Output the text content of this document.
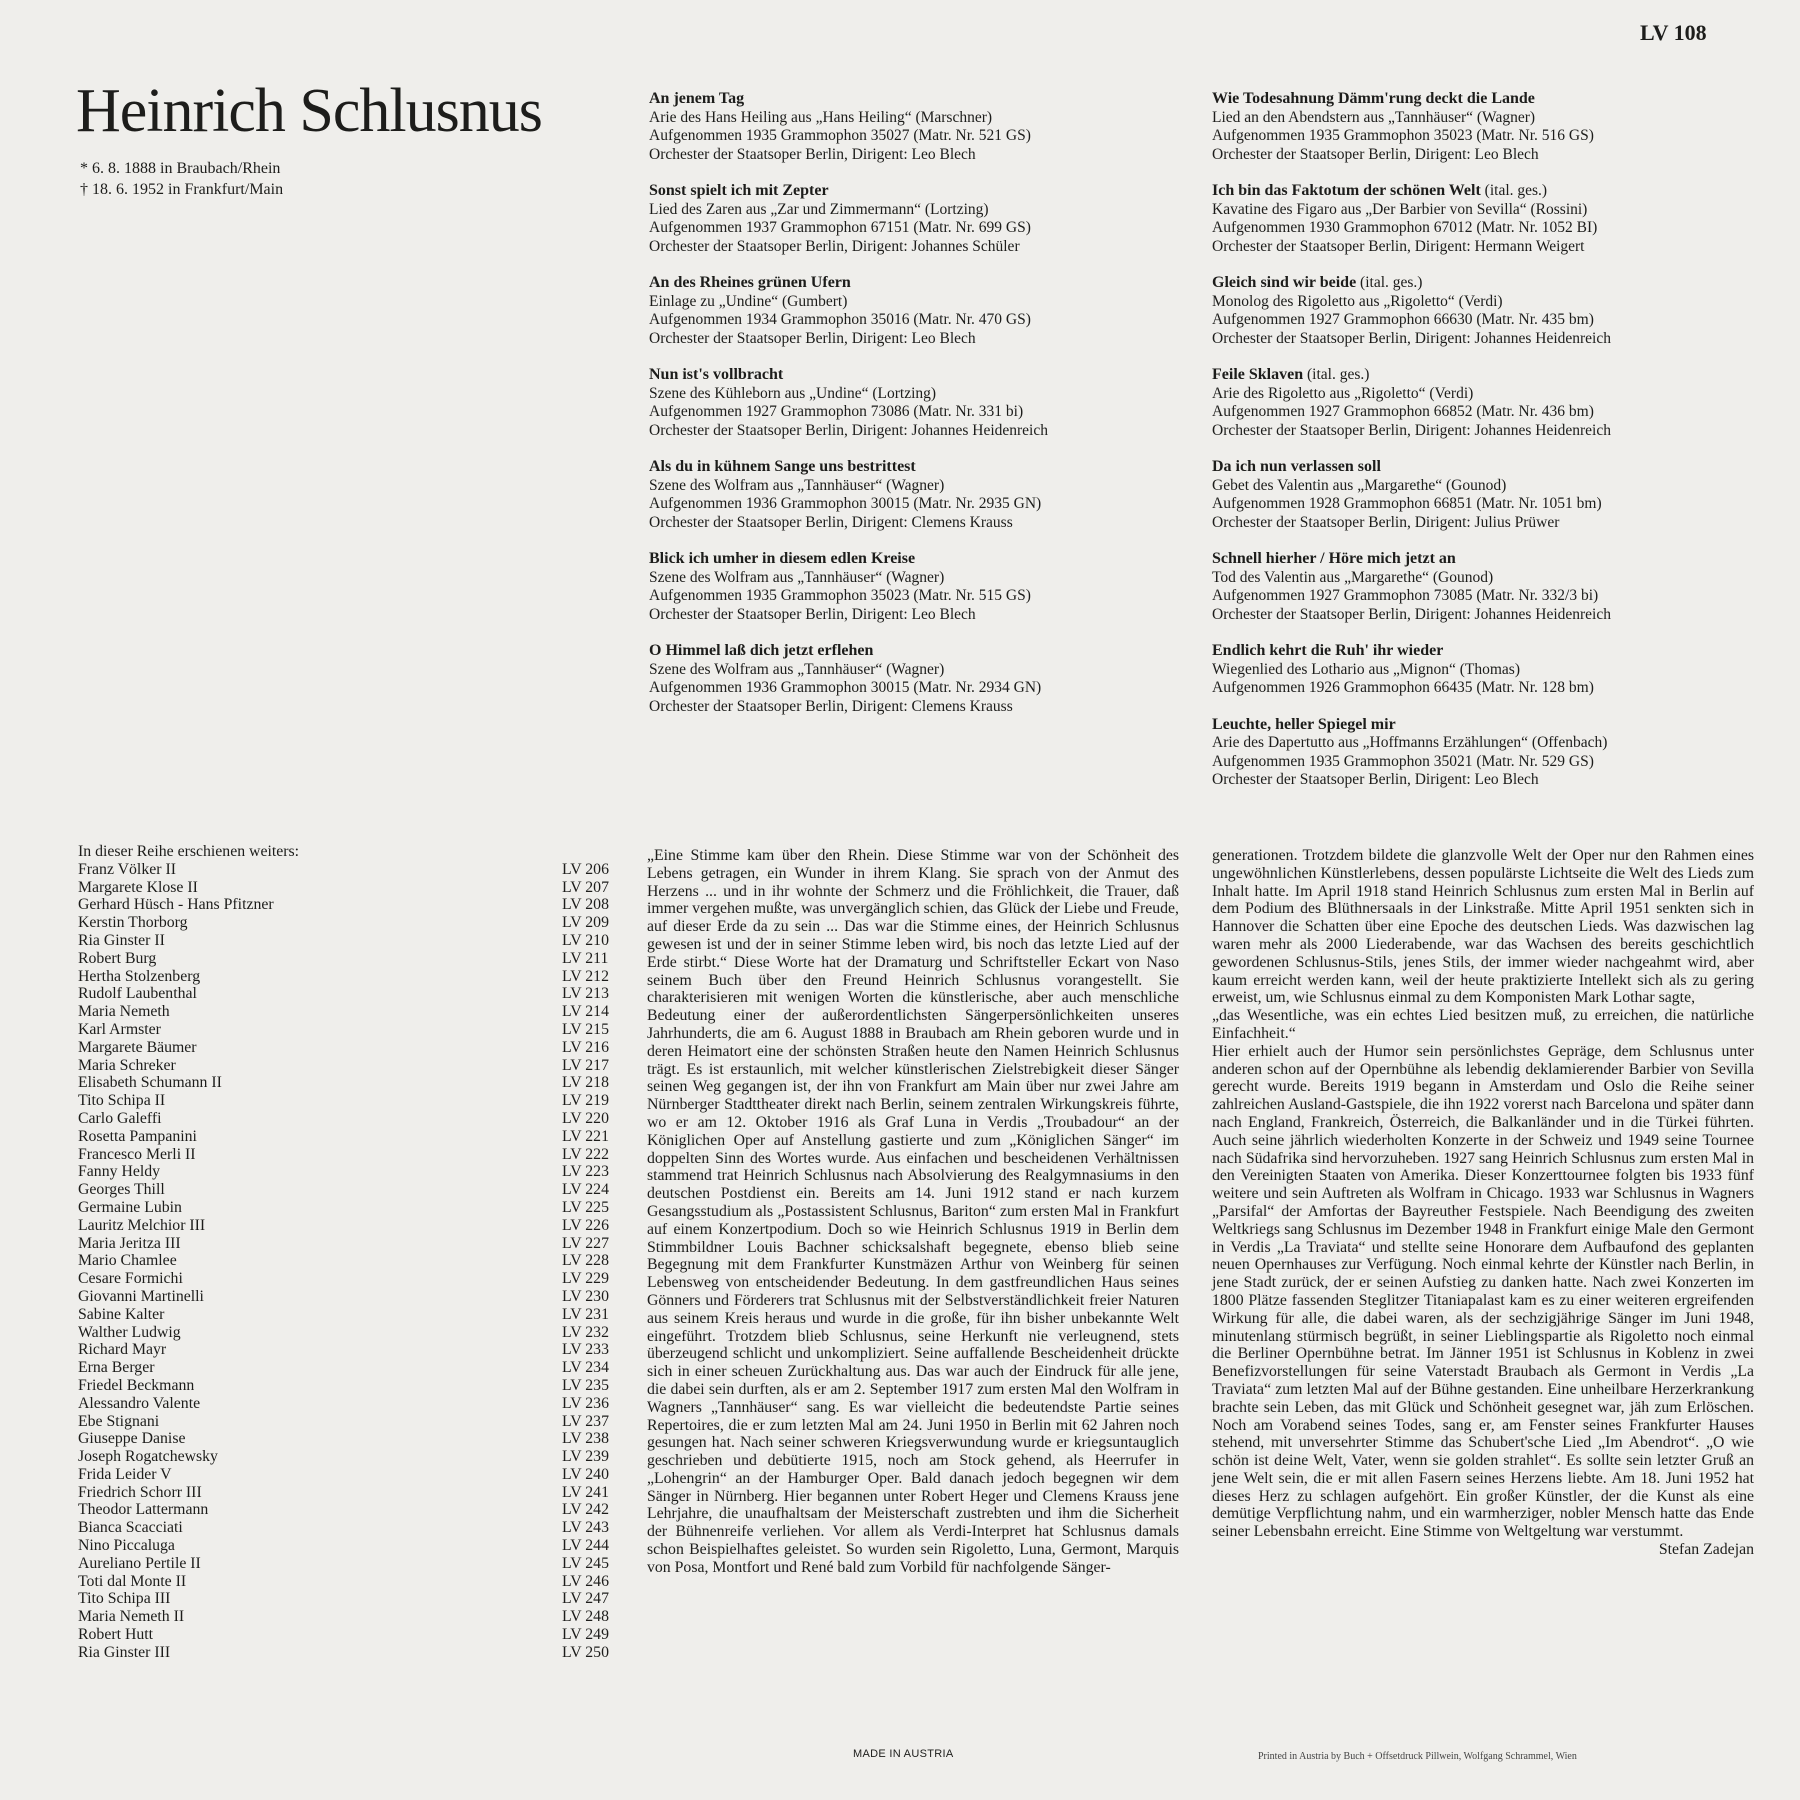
LV 108
Heinrich Schlusnus
* 6. 8. 1888 in Braubach/Rhein
† 18. 6. 1952 in Frankfurt/Main
An jenem Tag
Arie des Hans Heiling aus „Hans Heiling“ (Marschner)
Aufgenommen 1935 Grammophon 35027 (Matr. Nr. 521 GS)
Orchester der Staatsoper Berlin, Dirigent: Leo Blech
Sonst spielt ich mit Zepter
Lied des Zaren aus „Zar und Zimmermann“ (Lortzing)
Aufgenommen 1937 Grammophon 67151 (Matr. Nr. 699 GS)
Orchester der Staatsoper Berlin, Dirigent: Johannes Schüler
An des Rheines grünen Ufern
Einlage zu „Undine“ (Gumbert)
Aufgenommen 1934 Grammophon 35016 (Matr. Nr. 470 GS)
Orchester der Staatsoper Berlin, Dirigent: Leo Blech
Nun ist's vollbracht
Szene des Kühleborn aus „Undine“ (Lortzing)
Aufgenommen 1927 Grammophon 73086 (Matr. Nr. 331 bi)
Orchester der Staatsoper Berlin, Dirigent: Johannes Heidenreich
Als du in kühnem Sange uns bestrittest
Szene des Wolfram aus „Tannhäuser“ (Wagner)
Aufgenommen 1936 Grammophon 30015 (Matr. Nr. 2935 GN)
Orchester der Staatsoper Berlin, Dirigent: Clemens Krauss
Blick ich umher in diesem edlen Kreise
Szene des Wolfram aus „Tannhäuser“ (Wagner)
Aufgenommen 1935 Grammophon 35023 (Matr. Nr. 515 GS)
Orchester der Staatsoper Berlin, Dirigent: Leo Blech
O Himmel laß dich jetzt erflehen
Szene des Wolfram aus „Tannhäuser“ (Wagner)
Aufgenommen 1936 Grammophon 30015 (Matr. Nr. 2934 GN)
Orchester der Staatsoper Berlin, Dirigent: Clemens Krauss
Wie Todesahnung Dämm'rung deckt die Lande
Lied an den Abendstern aus „Tannhäuser“ (Wagner)
Aufgenommen 1935 Grammophon 35023 (Matr. Nr. 516 GS)
Orchester der Staatsoper Berlin, Dirigent: Leo Blech
Ich bin das Faktotum der schönen Welt (ital. ges.)
Kavatine des Figaro aus „Der Barbier von Sevilla“ (Rossini)
Aufgenommen 1930 Grammophon 67012 (Matr. Nr. 1052 BI)
Orchester der Staatsoper Berlin, Dirigent: Hermann Weigert
Gleich sind wir beide (ital. ges.)
Monolog des Rigoletto aus „Rigoletto“ (Verdi)
Aufgenommen 1927 Grammophon 66630 (Matr. Nr. 435 bm)
Orchester der Staatsoper Berlin, Dirigent: Johannes Heidenreich
Feile Sklaven (ital. ges.)
Arie des Rigoletto aus „Rigoletto“ (Verdi)
Aufgenommen 1927 Grammophon 66852 (Matr. Nr. 436 bm)
Orchester der Staatsoper Berlin, Dirigent: Johannes Heidenreich
Da ich nun verlassen soll
Gebet des Valentin aus „Margarethe“ (Gounod)
Aufgenommen 1928 Grammophon 66851 (Matr. Nr. 1051 bm)
Orchester der Staatsoper Berlin, Dirigent: Julius Prüwer
Schnell hierher / Höre mich jetzt an
Tod des Valentin aus „Margarethe“ (Gounod)
Aufgenommen 1927 Grammophon 73085 (Matr. Nr. 332/3 bi)
Orchester der Staatsoper Berlin, Dirigent: Johannes Heidenreich
Endlich kehrt die Ruh' ihr wieder
Wiegenlied des Lothario aus „Mignon“ (Thomas)
Aufgenommen 1926 Grammophon 66435 (Matr. Nr. 128 bm)
Leuchte, heller Spiegel mir
Arie des Dapertutto aus „Hoffmanns Erzählungen“ (Offenbach)
Aufgenommen 1935 Grammophon 35021 (Matr. Nr. 529 GS)
Orchester der Staatsoper Berlin, Dirigent: Leo Blech
In dieser Reihe erschienen weiters:
Franz Völker II	LV 206
Margarete Klose II	LV 207
Gerhard Hüsch - Hans Pfitzner	LV 208
Kerstin Thorborg	LV 209
Ria Ginster II	LV 210
Robert Burg	LV 211
Hertha Stolzenberg	LV 212
Rudolf Laubenthal	LV 213
Maria Nemeth	LV 214
Karl Armster	LV 215
Margarete Bäumer	LV 216
Maria Schreker	LV 217
Elisabeth Schumann II	LV 218
Tito Schipa II	LV 219
Carlo Galeffi	LV 220
Rosetta Pampanini	LV 221
Francesco Merli II	LV 222
Fanny Heldy	LV 223
Georges Thill	LV 224
Germaine Lubin	LV 225
Lauritz Melchior III	LV 226
Maria Jeritza III	LV 227
Mario Chamlee	LV 228
Cesare Formichi	LV 229
Giovanni Martinelli	LV 230
Sabine Kalter	LV 231
Walther Ludwig	LV 232
Richard Mayr	LV 233
Erna Berger	LV 234
Friedel Beckmann	LV 235
Alessandro Valente	LV 236
Ebe Stignani	LV 237
Giuseppe Danise	LV 238
Joseph Rogatchewsky	LV 239
Frida Leider V	LV 240
Friedrich Schorr III	LV 241
Theodor Lattermann	LV 242
Bianca Scacciati	LV 243
Nino Piccaluga	LV 244
Aureliano Pertile II	LV 245
Toti dal Monte II	LV 246
Tito Schipa III	LV 247
Maria Nemeth II	LV 248
Robert Hutt	LV 249
Ria Ginster III	LV 250

„Eine Stimme kam über den Rhein. Diese Stimme war von der Schönheit des Lebens getragen, ein Wunder in ihrem Klang. Sie sprach von der Anmut des Herzens ... und in ihr wohnte der Schmerz und die Fröhlichkeit, die Trauer, daß immer vergehen mußte, was unvergänglich schien, das Glück der Liebe und Freude, auf dieser Erde da zu sein ... Das war die Stimme eines, der Heinrich Schlusnus gewesen ist und der in seiner Stimme leben wird, bis noch das letzte Lied auf der Erde stirbt.“ Diese Worte hat der Dramaturg und Schriftsteller Eckart von Naso seinem Buch über den Freund Heinrich Schlusnus vorangestellt. Sie charakterisieren mit wenigen Worten die künstlerische, aber auch menschliche Bedeutung einer der außerordentlichsten Sängerpersönlichkeiten unseres Jahrhunderts, die am 6. August 1888 in Braubach am Rhein geboren wurde und in deren Heimatort eine der schönsten Straßen heute den Namen Heinrich Schlusnus trägt. Es ist erstaunlich, mit welcher künstlerischen Zielstrebigkeit dieser Sänger seinen Weg gegangen ist, der ihn von Frankfurt am Main über nur zwei Jahre am Nürnberger Stadttheater direkt nach Berlin, seinem zentralen Wirkungskreis führte, wo er am 12. Oktober 1916 als Graf Luna in Verdis „Troubadour“ an der Königlichen Oper auf Anstellung gastierte und zum „Königlichen Sänger“ im doppelten Sinn des Wortes wurde. Aus einfachen und bescheidenen Verhältnissen stammend trat Heinrich Schlusnus nach Absolvierung des Realgymnasiums in den deutschen Postdienst ein. Bereits am 14. Juni 1912 stand er nach kurzem Gesangsstudium als „Postassistent Schlusnus, Bariton“ zum ersten Mal in Frankfurt auf einem Konzertpodium. Doch so wie Heinrich Schlusnus 1919 in Berlin dem Stimmbildner Louis Bachner schicksalshaft begegnete, ebenso blieb seine Begegnung mit dem Frankfurter Kunstmäzen Arthur von Weinberg für seinen Lebensweg von entscheidender Bedeutung. In dem gastfreundlichen Haus seines Gönners und Förderers trat Schlusnus mit der Selbstverständlichkeit freier Naturen aus seinem Kreis heraus und wurde in die große, für ihn bisher unbekannte Welt eingeführt. Trotzdem blieb Schlusnus, seine Herkunft nie verleugnend, stets überzeugend schlicht und unkompliziert. Seine auffallende Bescheidenheit drückte sich in einer scheuen Zurückhaltung aus. Das war auch der Eindruck für alle jene, die dabei sein durften, als er am 2. September 1917 zum ersten Mal den Wolfram in Wagners „Tannhäuser“ sang. Es war vielleicht die bedeutendste Partie seines Repertoires, die er zum letzten Mal am 24. Juni 1950 in Berlin mit 62 Jahren noch gesungen hat. Nach seiner schweren Kriegsverwundung wurde er kriegsuntauglich geschrieben und debütierte 1915, noch am Stock gehend, als Heerrufer in „Lohengrin“ an der Hamburger Oper. Bald danach jedoch begegnen wir dem Sänger in Nürnberg. Hier begannen unter Robert Heger und Clemens Krauss jene Lehrjahre, die unaufhaltsam der Meisterschaft zustrebten und ihm die Sicherheit der Bühnenreife verliehen. Vor allem als Verdi-Interpret hat Schlusnus damals schon Beispielhaftes geleistet. So wurden sein Rigoletto, Luna, Germont, Marquis von Posa, Montfort und René bald zum Vorbild für nachfolgende Sänger-

generationen. Trotzdem bildete die glanzvolle Welt der Oper nur den Rahmen eines ungewöhnlichen Künstlerlebens, dessen populärste Lichtseite die Welt des Lieds zum Inhalt hatte. Im April 1918 stand Heinrich Schlusnus zum ersten Mal in Berlin auf dem Podium des Blüthnersaals in der Linkstraße. Mitte April 1951 senkten sich in Hannover die Schatten über eine Epoche des deutschen Lieds. Was dazwischen lag waren mehr als 2000 Liederabende, war das Wachsen des bereits geschichtlich gewordenen Schlusnus-Stils, jenes Stils, der immer wieder nachgeahmt wird, aber kaum erreicht werden kann, weil der heute praktizierte Intellekt sich als zu gering erweist, um, wie Schlusnus einmal zu dem Komponisten Mark Lothar sagte,

„das Wesentliche, was ein echtes Lied besitzen muß, zu erreichen, die natürliche Einfachheit.“

Hier erhielt auch der Humor sein persönlichstes Gepräge, dem Schlusnus unter anderen schon auf der Opernbühne als lebendig deklamierender Barbier von Sevilla gerecht wurde. Bereits 1919 begann in Amsterdam und Oslo die Reihe seiner zahlreichen Ausland-Gastspiele, die ihn 1922 vorerst nach Barcelona und später dann nach England, Frankreich, Österreich, die Balkanländer und in die Türkei führten. Auch seine jährlich wiederholten Konzerte in der Schweiz und 1949 seine Tournee nach Südafrika sind hervorzuheben. 1927 sang Heinrich Schlusnus zum ersten Mal in den Vereinigten Staaten von Amerika. Dieser Konzerttournee folgten bis 1933 fünf weitere und sein Auftreten als Wolfram in Chicago. 1933 war Schlusnus in Wagners „Parsifal“ der Amfortas der Bayreuther Festspiele. Nach Beendigung des zweiten Weltkriegs sang Schlusnus im Dezember 1948 in Frankfurt einige Male den Germont in Verdis „La Traviata“ und stellte seine Honorare dem Aufbaufond des geplanten neuen Opernhauses zur Verfügung. Noch einmal kehrte der Künstler nach Berlin, in jene Stadt zurück, der er seinen Aufstieg zu danken hatte. Nach zwei Konzerten im 1800 Plätze fassenden Steglitzer Titaniapalast kam es zu einer weiteren ergreifenden Wirkung für alle, die dabei waren, als der sechzigjährige Sänger im Juni 1948, minutenlang stürmisch begrüßt, in seiner Lieblingspartie als Rigoletto noch einmal die Berliner Opernbühne betrat. Im Jänner 1951 ist Schlusnus in Koblenz in zwei Benefizvorstellungen für seine Vaterstadt Braubach als Germont in Verdis „La Traviata“ zum letzten Mal auf der Bühne gestanden. Eine unheilbare Herzerkrankung brachte sein Leben, das mit Glück und Schönheit gesegnet war, jäh zum Erlöschen. Noch am Vorabend seines Todes, sang er, am Fenster seines Frankfurter Hauses stehend, mit unversehrter Stimme das Schubert'sche Lied „Im Abendrot“. „O wie schön ist deine Welt, Vater, wenn sie golden strahlet“. Es sollte sein letzter Gruß an jene Welt sein, die er mit allen Fasern seines Herzens liebte. Am 18. Juni 1952 hat dieses Herz zu schlagen aufgehört. Ein großer Künstler, der die Kunst als eine demütige Verpflichtung nahm, und ein warmherziger, nobler Mensch hatte das Ende seiner Lebensbahn erreicht. Eine Stimme von Weltgeltung war verstummt.

Stefan Zadejan
MADE IN AUSTRIA	Printed in Austria by Buch + Offsetdruck Pillwein, Wolfgang Schrammel, Wien
